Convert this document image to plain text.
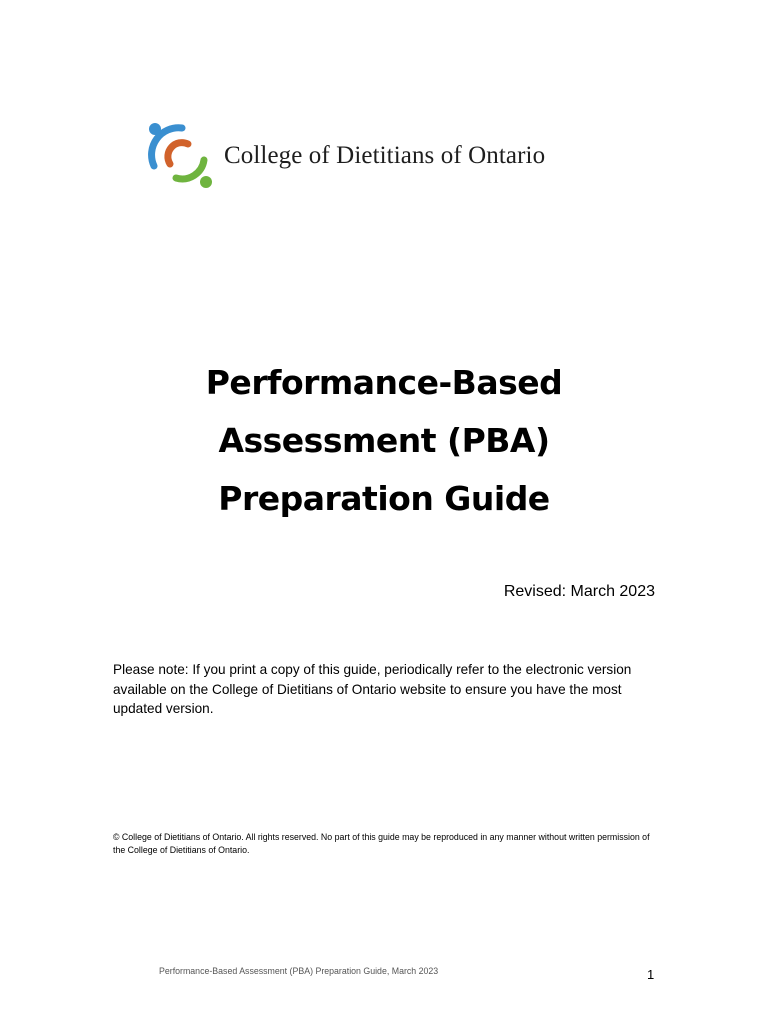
College of Dietitians of Ontario
Performance-Based
Assessment (PBA)
Preparation Guide
Revised: March 2023
Please note: If you print a copy of this guide, periodically refer to the electronic version available on the College of Dietitians of Ontario website to ensure you have the most updated version.
© College of Dietitians of Ontario. All rights reserved. No part of this guide may be reproduced in any manner without written permission of the College of Dietitians of Ontario.
Performance-Based Assessment (PBA) Preparation Guide, March 2023	1
